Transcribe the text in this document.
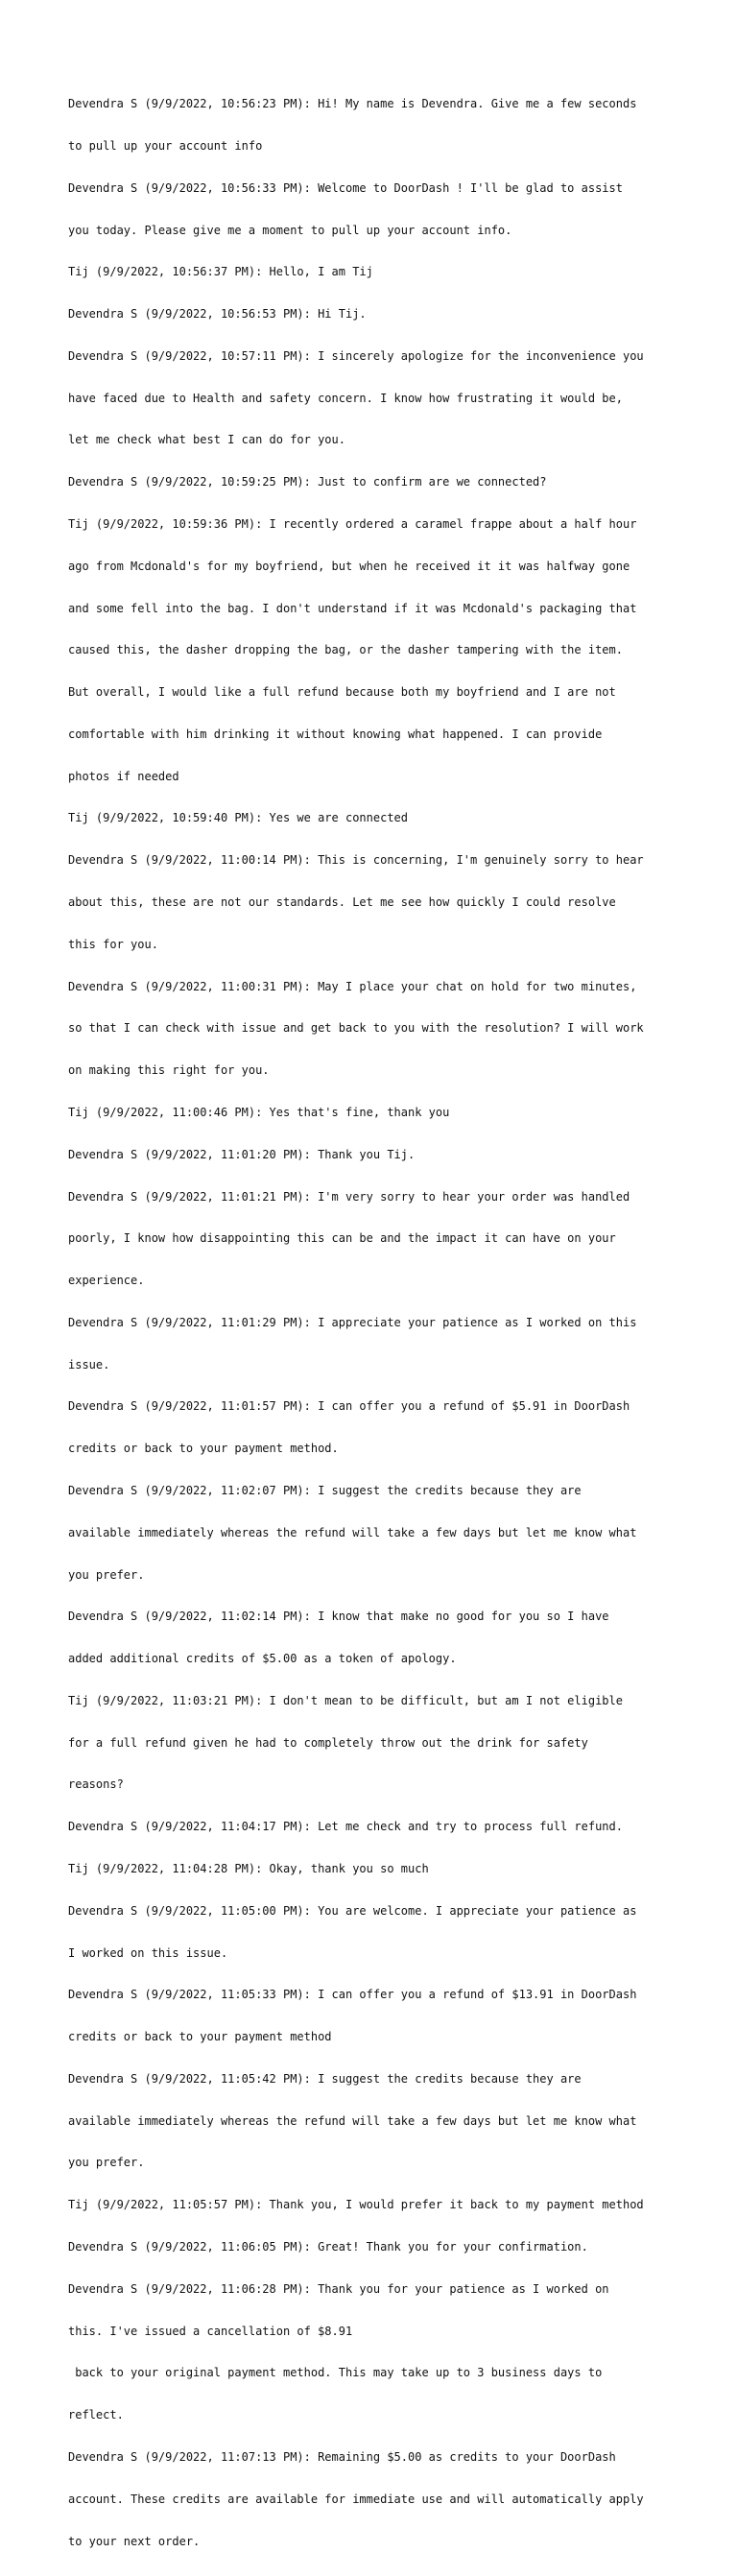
Devendra S (9/9/2022, 10:56:23 PM): Hi! My name is Devendra. Give me a few seconds

to pull up your account info

Devendra S (9/9/2022, 10:56:33 PM): Welcome to DoorDash ! I'll be glad to assist

you today. Please give me a moment to pull up your account info.

Tij (9/9/2022, 10:56:37 PM): Hello, I am Tij

Devendra S (9/9/2022, 10:56:53 PM): Hi Tij.

Devendra S (9/9/2022, 10:57:11 PM): I sincerely apologize for the inconvenience you

have faced due to Health and safety concern. I know how frustrating it would be,

let me check what best I can do for you.

Devendra S (9/9/2022, 10:59:25 PM): Just to confirm are we connected?

Tij (9/9/2022, 10:59:36 PM): I recently ordered a caramel frappe about a half hour

ago from Mcdonald's for my boyfriend, but when he received it it was halfway gone

and some fell into the bag. I don't understand if it was Mcdonald's packaging that

caused this, the dasher dropping the bag, or the dasher tampering with the item.

But overall, I would like a full refund because both my boyfriend and I are not

comfortable with him drinking it without knowing what happened. I can provide

photos if needed

Tij (9/9/2022, 10:59:40 PM): Yes we are connected

Devendra S (9/9/2022, 11:00:14 PM): This is concerning, I'm genuinely sorry to hear

about this, these are not our standards. Let me see how quickly I could resolve

this for you.

Devendra S (9/9/2022, 11:00:31 PM): May I place your chat on hold for two minutes,

so that I can check with issue and get back to you with the resolution? I will work

on making this right for you.

Tij (9/9/2022, 11:00:46 PM): Yes that's fine, thank you

Devendra S (9/9/2022, 11:01:20 PM): Thank you Tij.

Devendra S (9/9/2022, 11:01:21 PM): I'm very sorry to hear your order was handled

poorly, I know how disappointing this can be and the impact it can have on your

experience.

Devendra S (9/9/2022, 11:01:29 PM): I appreciate your patience as I worked on this

issue.

Devendra S (9/9/2022, 11:01:57 PM): I can offer you a refund of $5.91 in DoorDash

credits or back to your payment method.

Devendra S (9/9/2022, 11:02:07 PM): I suggest the credits because they are

available immediately whereas the refund will take a few days but let me know what

you prefer.

Devendra S (9/9/2022, 11:02:14 PM): I know that make no good for you so I have

added additional credits of $5.00 as a token of apology.

Tij (9/9/2022, 11:03:21 PM): I don't mean to be difficult, but am I not eligible

for a full refund given he had to completely throw out the drink for safety

reasons?

Devendra S (9/9/2022, 11:04:17 PM): Let me check and try to process full refund.

Tij (9/9/2022, 11:04:28 PM): Okay, thank you so much

Devendra S (9/9/2022, 11:05:00 PM): You are welcome. I appreciate your patience as

I worked on this issue.

Devendra S (9/9/2022, 11:05:33 PM): I can offer you a refund of $13.91 in DoorDash

credits or back to your payment method

Devendra S (9/9/2022, 11:05:42 PM): I suggest the credits because they are

available immediately whereas the refund will take a few days but let me know what

you prefer.

Tij (9/9/2022, 11:05:57 PM): Thank you, I would prefer it back to my payment method

Devendra S (9/9/2022, 11:06:05 PM): Great! Thank you for your confirmation.

Devendra S (9/9/2022, 11:06:28 PM): Thank you for your patience as I worked on

this. I've issued a cancellation of $8.91

back to your original payment method. This may take up to 3 business days to

reflect.

Devendra S (9/9/2022, 11:07:13 PM): Remaining $5.00 as credits to your DoorDash

account. These credits are available for immediate use and will automatically apply

to your next order.
